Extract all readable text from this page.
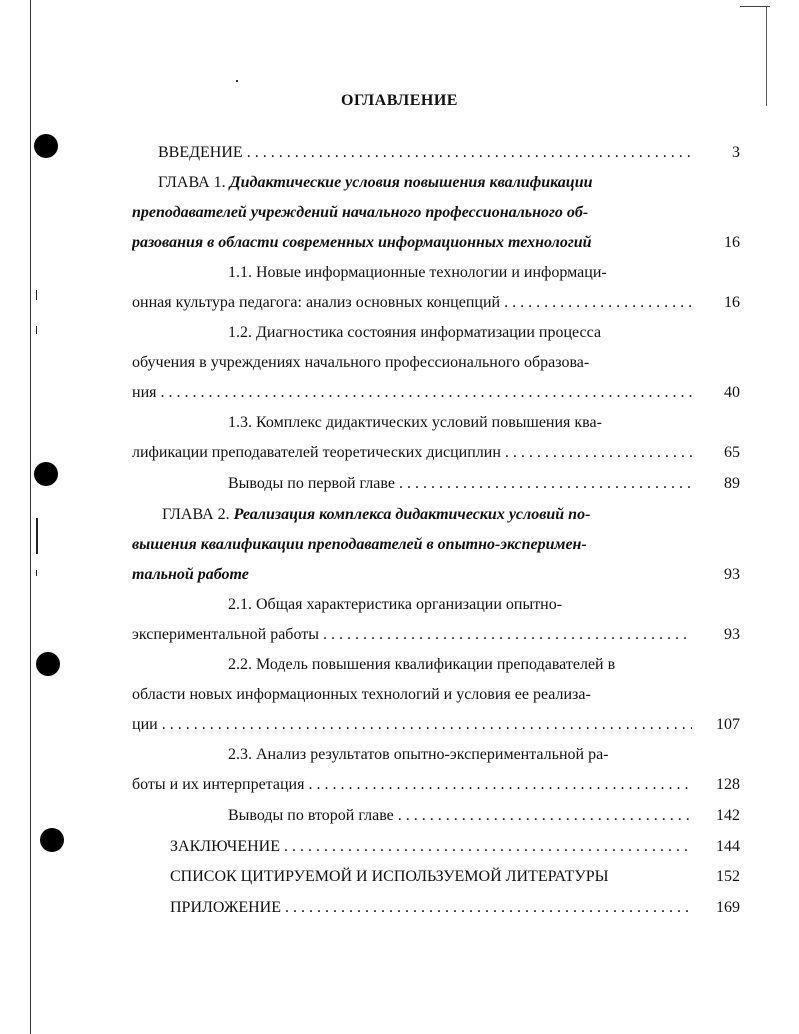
ОГЛАВЛЕНИЕ
ВВЕДЕНИЕ . . .	3
ГЛАВА 1. Дидактические условия повышения квалификации
преподавателей учреждений начального профессионального об-
разования в области современных информационных технологий	16
1.1. Новые информационные технологии и информаци-
онная культура педагога: анализ основных концепций . . .	16
1.2. Диагностика состояния информатизации процесса
обучения в учреждениях начального профессионального образова-
ния . . .	40
1.3. Комплекс дидактических условий повышения ква-
лификации преподавателей теоретических дисциплин . . .	65
Выводы по первой главе . . .	89
ГЛАВА 2. Реализация комплекса дидактических условий по-
вышения квалификации преподавателей в опытно-эксперимен-
тальной работе	93
2.1. Общая характеристика организации опытно-
экспериментальной работы . . .	93
2.2. Модель повышения квалификации преподавателей в
области новых информационных технологий и условия ее реализа-
ции . . .	107
2.3. Анализ результатов опытно-экспериментальной ра-
боты и их интерпретация . . .	128
Выводы по второй главе . . .	142
ЗАКЛЮЧЕНИЕ . . .	144
СПИСОК ЦИТИРУЕМОЙ И ИСПОЛЬЗУЕМОЙ ЛИТЕРАТУРЫ	152
ПРИЛОЖЕНИЕ . . .	169
